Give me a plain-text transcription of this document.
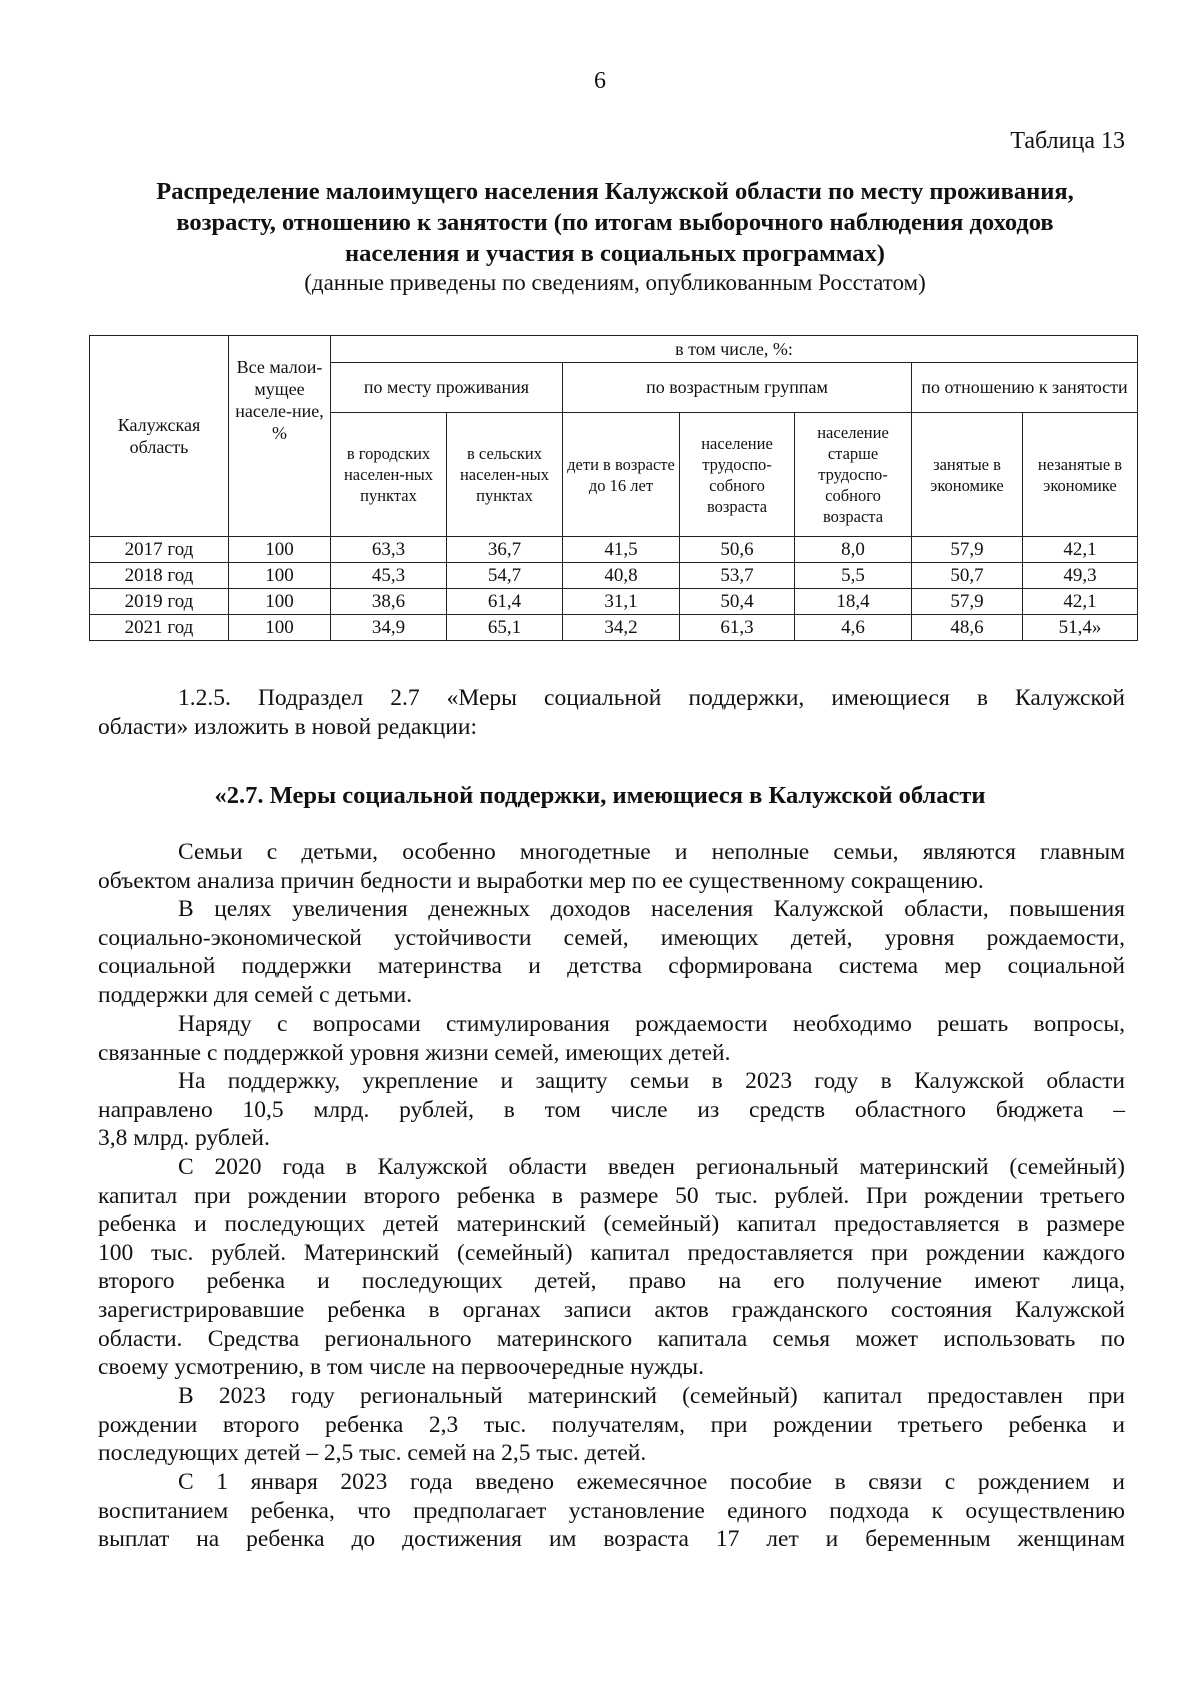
6
Таблица 13
Распределение малоимущего населения Калужской области по месту проживания,
возрасту, отношению к занятости (по итогам выборочного наблюдения доходов
населения и участия в социальных программах)
(данные приведены по сведениям, опубликованным Росстатом)
Калужская область	Все малои-мущее населе-ние, %	в том числе, %:						
		по месту проживания		по возрастным группам			по отношению к занятости	
		в городских населен-ных пунктах	в сельских населен-ных пунктах	дети в возрасте до 16 лет	население трудоспо-собного возраста	население старше трудоспо-собного возраста	занятые в экономике	незанятые в экономике
2017 год	100	63,3	36,7	41,5	50,6	8,0	57,9	42,1
2018 год	100	45,3	54,7	40,8	53,7	5,5	50,7	49,3
2019 год	100	38,6	61,4	31,1	50,4	18,4	57,9	42,1
2021 год	100	34,9	65,1	34,2	61,3	4,6	48,6	51,4»
1.2.5. Подраздел 2.7 «Меры социальной поддержки, имеющиеся в Калужской
области» изложить в новой редакции:
«2.7. Меры социальной поддержки, имеющиеся в Калужской области
Семьи с детьми, особенно многодетные и неполные семьи, являются главным
объектом анализа причин бедности и выработки мер по ее существенному сокращению.
В целях увеличения денежных доходов населения Калужской области, повышения
социально-экономической устойчивости семей, имеющих детей, уровня рождаемости,
социальной поддержки материнства и детства сформирована система мер социальной
поддержки для семей с детьми.
Наряду с вопросами стимулирования рождаемости необходимо решать вопросы,
связанные с поддержкой уровня жизни семей, имеющих детей.
На поддержку, укрепление и защиту семьи в 2023 году в Калужской области
направлено 10,5 млрд. рублей, в том числе из средств областного бюджета –
3,8 млрд. рублей.
С 2020 года в Калужской области введен региональный материнский (семейный)
капитал при рождении второго ребенка в размере 50 тыс. рублей. При рождении третьего
ребенка и последующих детей материнский (семейный) капитал предоставляется в размере
100 тыс. рублей. Материнский (семейный) капитал предоставляется при рождении каждого
второго ребенка и последующих детей, право на его получение имеют лица,
зарегистрировавшие ребенка в органах записи актов гражданского состояния Калужской
области. Средства регионального материнского капитала семья может использовать по
своему усмотрению, в том числе на первоочередные нужды.
В 2023 году региональный материнский (семейный) капитал предоставлен при
рождении второго ребенка 2,3 тыс. получателям, при рождении третьего ребенка и
последующих детей – 2,5 тыс. семей на 2,5 тыс. детей.
С 1 января 2023 года введено ежемесячное пособие в связи с рождением и
воспитанием ребенка, что предполагает установление единого подхода к осуществлению
выплат на ребенка до достижения им возраста 17 лет и беременным женщинам
